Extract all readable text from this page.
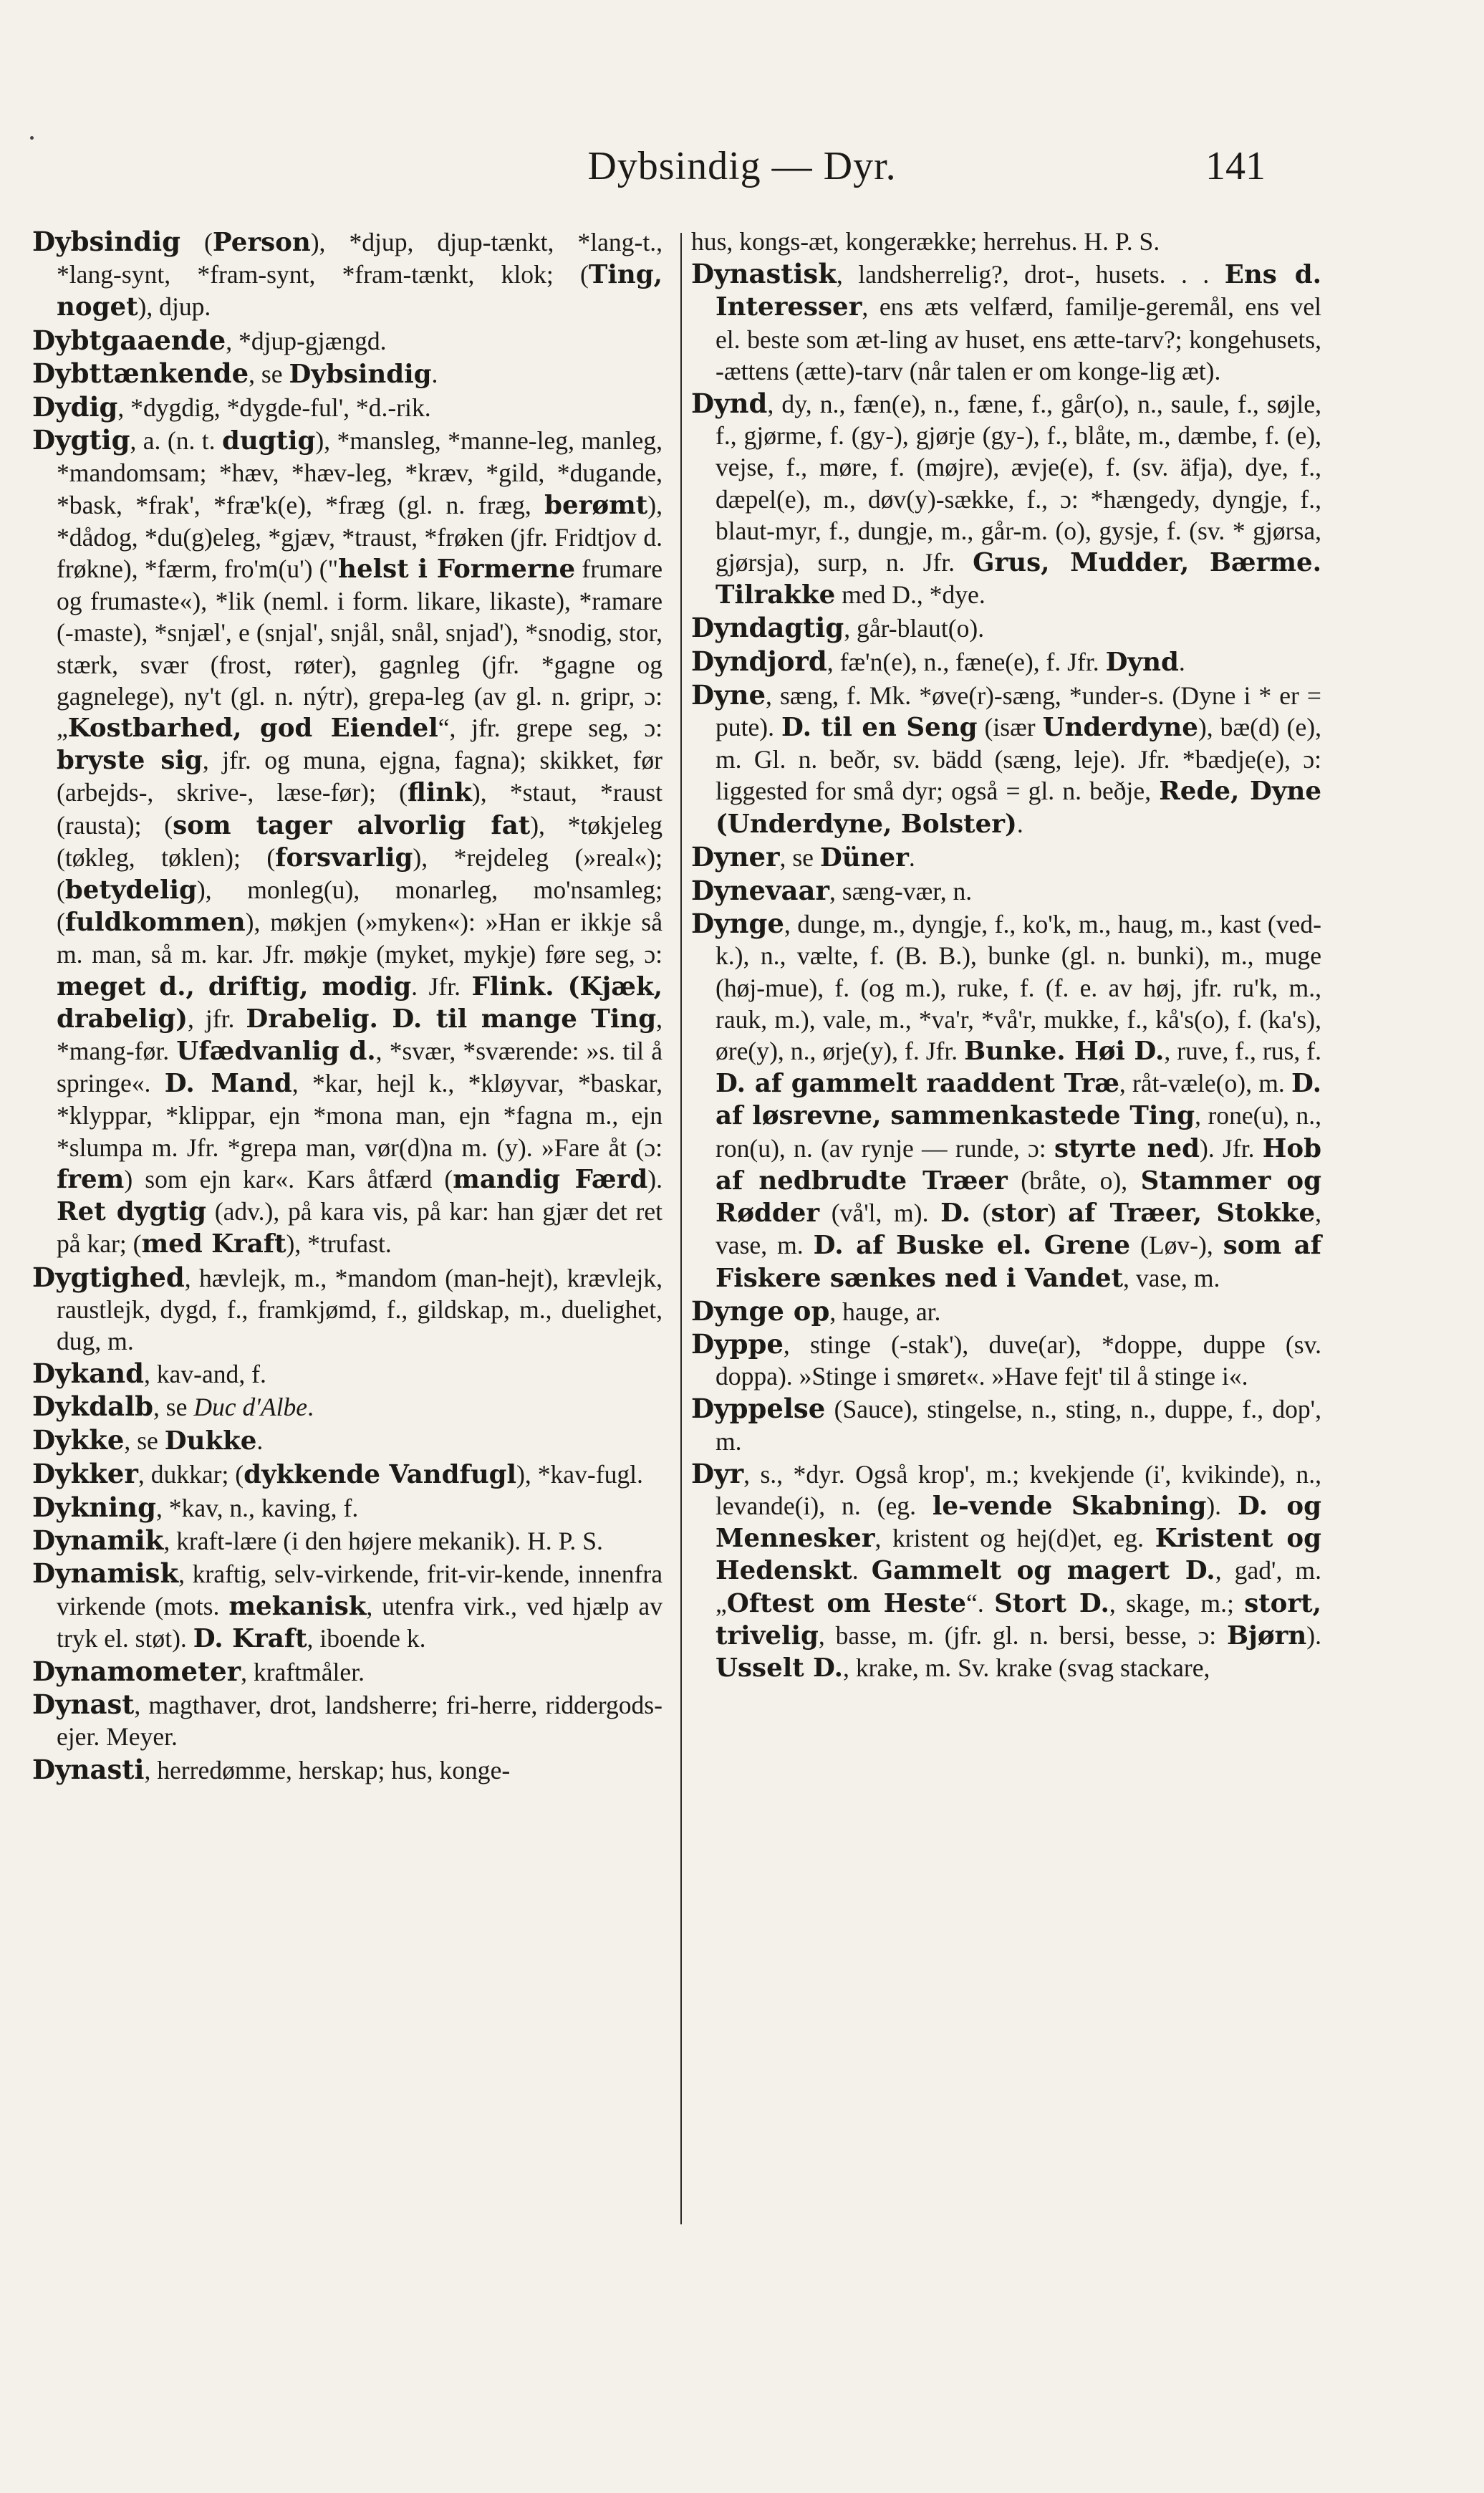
Dybsindig — Dyr.	141

Dybsindig (Person), *djup, djup-tænkt, *lang-t., *lang-synt, *fram-synt, *fram-tænkt, klok; (Ting, noget), djup.

Dybtgaaende, *djup-gjængd.

Dybttænkende, se Dybsindig.

Dydig, *dygdig, *dygde-ful', *d.-rik.

Dygtig, a. (n. t. dugtig), *mansleg, *manne-leg, manleg, *mandomsam; *hæv, *hæv-leg, *kræv, *gild, *dugande, *bask, *frak', *fræ'k(e), *fræg (gl. n. fræg, berømt), *dådog, *du(g)eleg, *gjæv, *traust, *frøken (jfr. Fridtjov d. frøkne), *færm, fro'm(u') ("helst i Formerne frumare og frumaste«), *lik (neml. i form. likare, likaste), *ramare (-maste), *snjæl', e (snjal', snjål, snål, snjad'), *snodig, stor, stærk, svær (frost, røter), gagnleg (jfr. *gagne og gagnelege), ny't (gl. n. nýtr), grepa-leg (av gl. n. gripr, ɔ: „Kostbarhed, god Eiendel“, jfr. grepe seg, ɔ: bryste sig, jfr. og muna, ejgna, fagna); skikket, før (arbejds-, skrive-, læse-før); (flink), *staut, *raust (rausta); (som tager alvorlig fat), *tøkjeleg (tøkleg, tøklen); (forsvarlig), *rejdeleg (»real«); (betydelig), monleg(u), monarleg, mo'nsamleg; (fuldkommen), møkjen (»myken«): »Han er ikkje så m. man, så m. kar. Jfr. møkje (myket, mykje) føre seg, ɔ: meget d., driftig, modig. Jfr. Flink. (Kjæk, drabelig), jfr. Drabelig. D. til mange Ting, *mang-før. Ufædvanlig d., *svær, *sværende: »s. til å springe«. D. Mand, *kar, hejl k., *kløyvar, *baskar, *klyppar, *klippar, ejn *mona man, ejn *fagna m., ejn *slumpa m. Jfr. *grepa man, vør(d)na m. (y). »Fare åt (ɔ: frem) som ejn kar«. Kars åtfærd (mandig Færd). Ret dygtig (adv.), på kara vis, på kar: han gjær det ret på kar; (med Kraft), *trufast.

Dygtighed, hævlejk, m., *mandom (man-hejt), krævlejk, raustlejk, dygd, f., framkjømd, f., gildskap, m., duelighet, dug, m.

Dykand, kav-and, f.

Dykdalb, se Duc d'Albe.

Dykke, se Dukke.

Dykker, dukkar; (dykkende Vandfugl), *kav-fugl.

Dykning, *kav, n., kaving, f.

Dynamik, kraft-lære (i den højere mekanik). H. P. S.

Dynamisk, kraftig, selv-virkende, frit-vir-kende, innenfra virkende (mots. mekanisk, utenfra virk., ved hjælp av tryk el. støt). D. Kraft, iboende k.

Dynamometer, kraftmåler.

Dynast, magthaver, drot, landsherre; fri-herre, riddergods-ejer. Meyer.

Dynasti, herredømme, herskap; hus, konge-

hus, kongs-æt, kongerække; herrehus. H. P. S.

Dynastisk, landsherrelig?, drot-, husets. . . Ens d. Interesser, ens æts velfærd, familje-geremål, ens vel el. beste som æt-ling av huset, ens ætte-tarv?; kongehusets, -ættens (ætte)-tarv (når talen er om konge-lig æt).

Dynd, dy, n., fæn(e), n., fæne, f., går(o), n., saule, f., søjle, f., gjørme, f. (gy-), gjørje (gy-), f., blåte, m., dæmbe, f. (e), vejse, f., møre, f. (møjre), ævje(e), f. (sv. äfja), dye, f., dæpel(e), m., døv(y)-sække, f., ɔ: *hængedy, dyngje, f., blaut-myr, f., dungje, m., går-m. (o), gysje, f. (sv. * gjørsa, gjørsja), surp, n. Jfr. Grus, Mudder, Bærme. Tilrakke med D., *dye.

Dyndagtig, går-blaut(o).

Dyndjord, fæ'n(e), n., fæne(e), f. Jfr. Dynd.

Dyne, sæng, f. Mk. *øve(r)-sæng, *under-s. (Dyne i * er = pute). D. til en Seng (især Underdyne), bæ(d) (e), m. Gl. n. beðr, sv. bädd (sæng, leje). Jfr. *bædje(e), ɔ: liggested for små dyr; også = gl. n. beðje, Rede, Dyne (Underdyne, Bolster).

Dyner, se Düner.

Dynevaar, sæng-vær, n.

Dynge, dunge, m., dyngje, f., ko'k, m., haug, m., kast (ved-k.), n., vælte, f. (B. B.), bunke (gl. n. bunki), m., muge (høj-mue), f. (og m.), ruke, f. (f. e. av høj, jfr. ru'k, m., rauk, m.), vale, m., *va'r, *vå'r, mukke, f., kå's(o), f. (ka's), øre(y), n., ørje(y), f. Jfr. Bunke. Høi D., ruve, f., rus, f. D. af gammelt raaddent Træ, råt-væle(o), m. D. af løsrevne, sammenkastede Ting, rone(u), n., ron(u), n. (av rynje — runde, ɔ: styrte ned). Jfr. Hob af nedbrudte Træer (bråte, o), Stammer og Rødder (vå'l, m). D. (stor) af Træer, Stokke, vase, m. D. af Buske el. Grene (Løv-), som af Fiskere sænkes ned i Vandet, vase, m.

Dynge op, hauge, ar.

Dyppe, stinge (-stak'), duve(ar), *doppe, duppe (sv. doppa). »Stinge i smøret«. »Have fejt' til å stinge i«.

Dyppelse (Sauce), stingelse, n., sting, n., duppe, f., dop', m.

Dyr, s., *dyr. Også krop', m.; kvekjende (i', kvikinde), n., levande(i), n. (eg. le-vende Skabning). D. og Mennesker, kristent og hej(d)et, eg. Kristent og Hedenskt. Gammelt og magert D., gad', m. „Oftest om Heste“. Stort D., skage, m.; stort, trivelig, basse, m. (jfr. gl. n. bersi, besse, ɔ: Bjørn). Usselt D., krake, m. Sv. krake (svag stackare,
